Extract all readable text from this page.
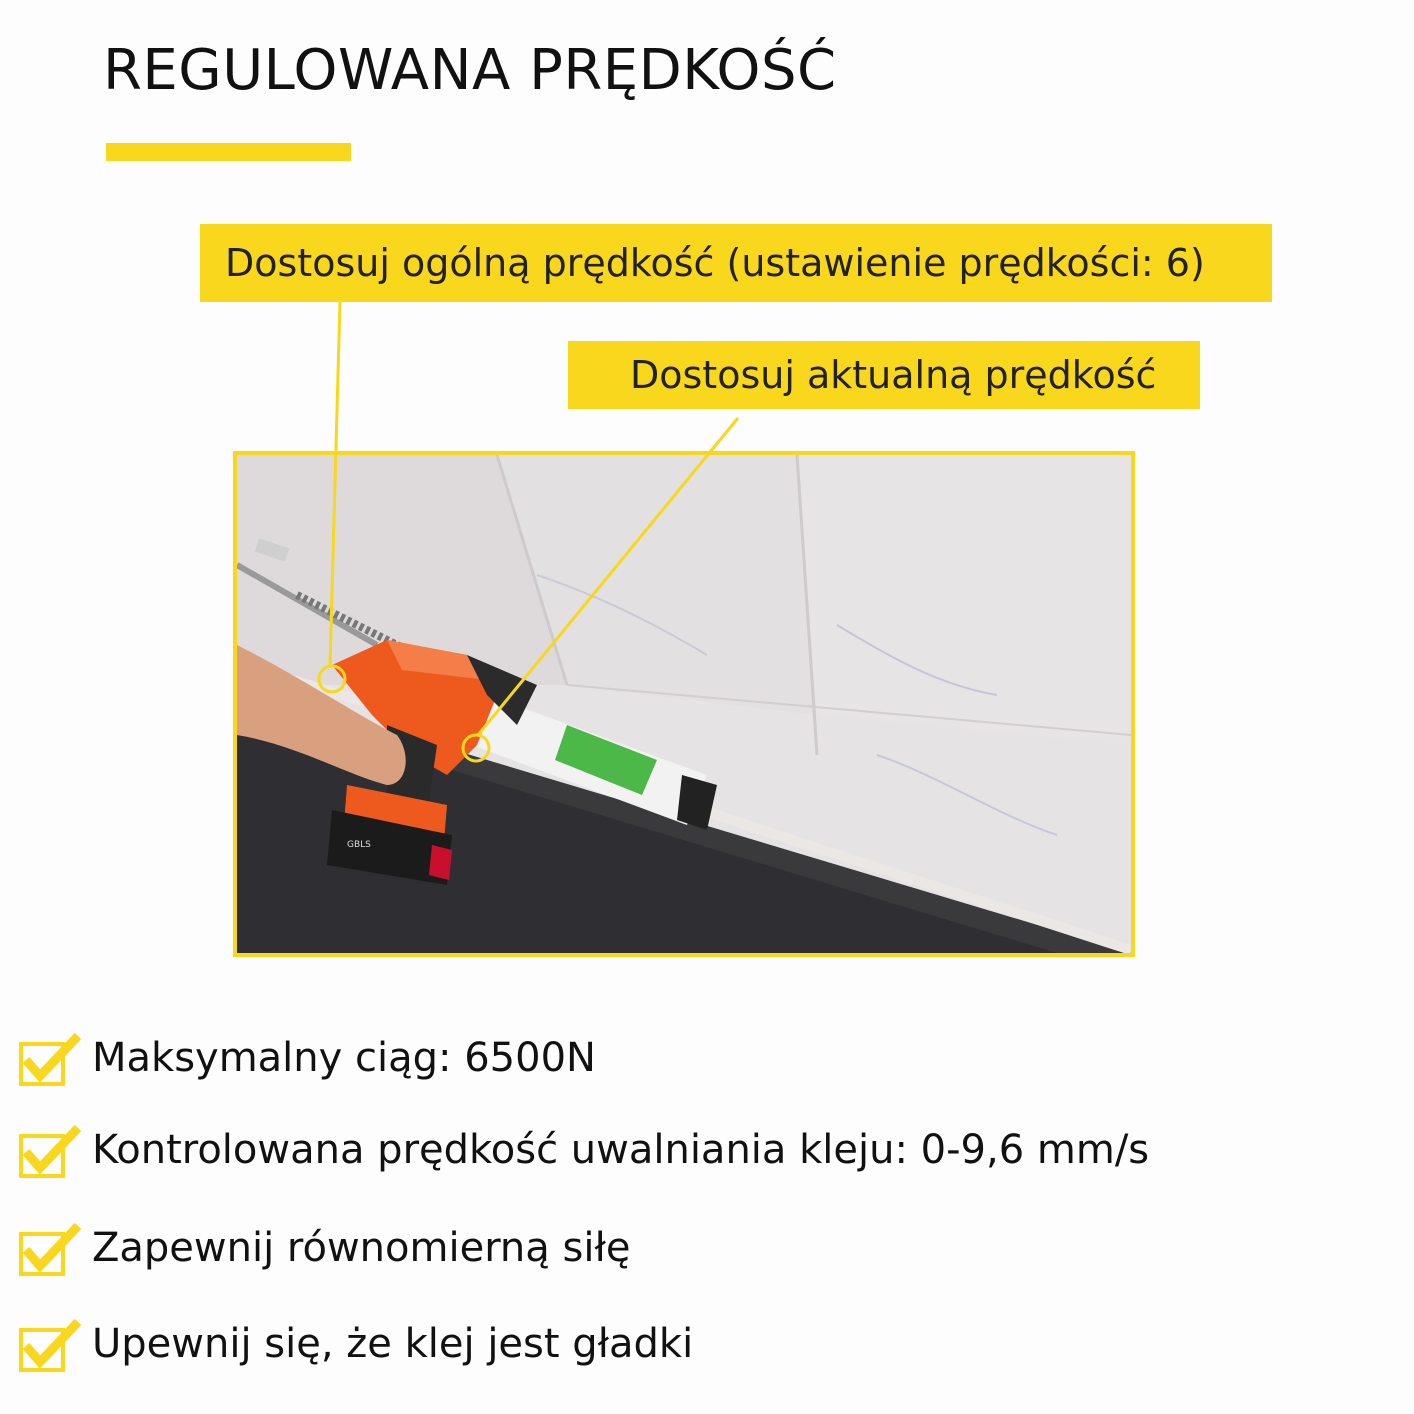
REGULOWANA PRĘDKOŚĆ
Dostosuj ogólną prędkość (ustawienie prędkości: 6)
Dostosuj aktualną prędkość
GBLS
Maksymalny ciąg: 6500N
Kontrolowana prędkość uwalniania kleju: 0-9,6 mm/s
Zapewnij równomierną siłę
Upewnij się, że klej jest gładki
